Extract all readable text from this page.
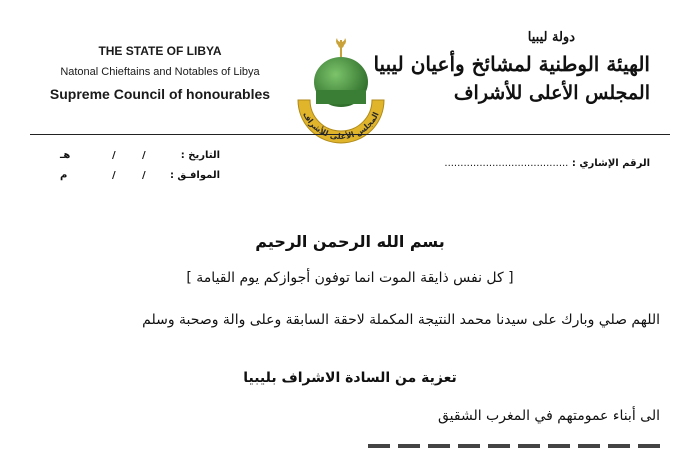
THE STATE OF LIBYA
Natonal Chieftains and Notables of Libya
Supreme Council of honourables
المجلس الأعلى للأشراف
دولة ليبيا
الهيئة الوطنية لمشائخ وأعيان ليبيا
المجلس الأعلى للأشراف
التاريخ :
هـ	/	/
الموافـق :
م	/	/
الرقم الإشاري : .......................................
بسم الله الرحمن الرحيم
[ كل نفس ذايقة الموت انما توفون أجوازكم يوم القيامة ]
اللهم صلي وبارك على سيدنا محمد النتيجة المكملة لاحقة السابقة وعلى والة وصحبة وسلم
تعزية من السادة الاشراف بليبيا
الى أبناء عمومتهم في المغرب الشقيق
